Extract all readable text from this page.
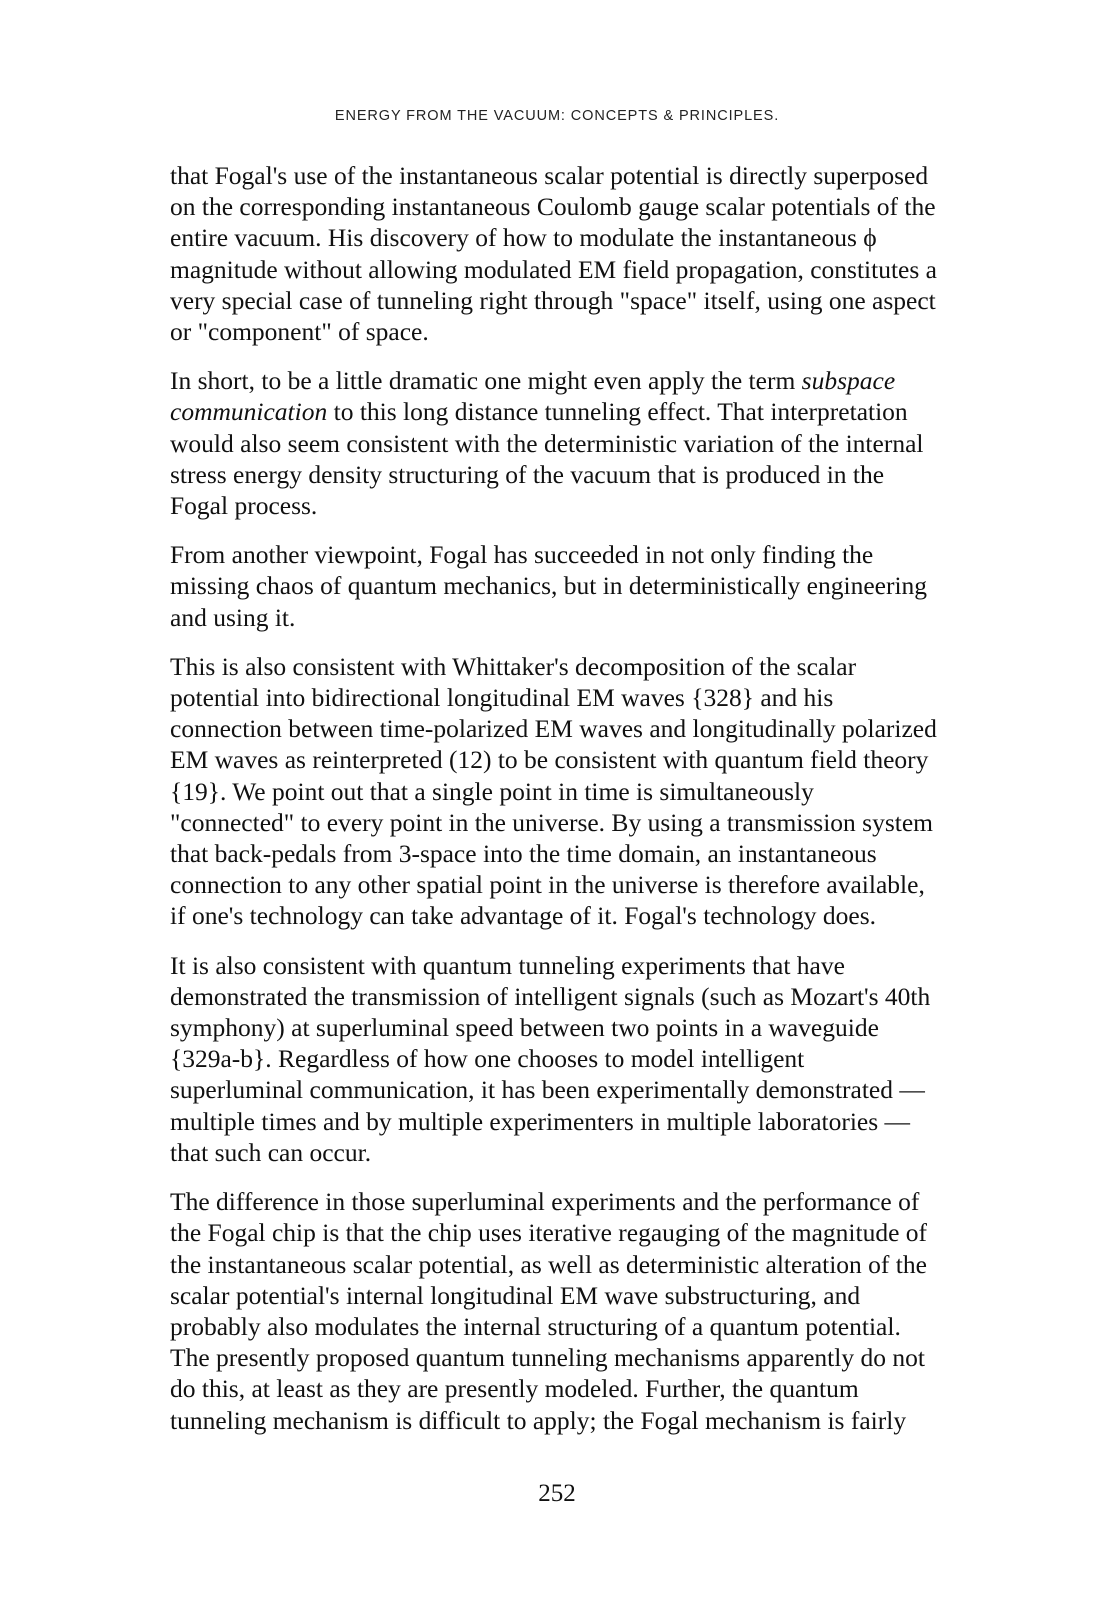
ENERGY FROM THE VACUUM: CONCEPTS & PRINCIPLES.

that Fogal's use of the instantaneous scalar potential is directly superposed
on the corresponding instantaneous Coulomb gauge scalar potentials of the
entire vacuum. His discovery of how to modulate the instantaneous ϕ
magnitude without allowing modulated EM field propagation, constitutes a
very special case of tunneling right through "space" itself, using one aspect
or "component" of space.

In short, to be a little dramatic one might even apply the term subspace
communication to this long distance tunneling effect. That interpretation
would also seem consistent with the deterministic variation of the internal
stress energy density structuring of the vacuum that is produced in the
Fogal process.

From another viewpoint, Fogal has succeeded in not only finding the
missing chaos of quantum mechanics, but in deterministically engineering
and using it.

This is also consistent with Whittaker's decomposition of the scalar
potential into bidirectional longitudinal EM waves {328} and his
connection between time-polarized EM waves and longitudinally polarized
EM waves as reinterpreted (12) to be consistent with quantum field theory
{19}. We point out that a single point in time is simultaneously
"connected" to every point in the universe. By using a transmission system
that back-pedals from 3-space into the time domain, an instantaneous
connection to any other spatial point in the universe is therefore available,
if one's technology can take advantage of it. Fogal's technology does.

It is also consistent with quantum tunneling experiments that have
demonstrated the transmission of intelligent signals (such as Mozart's 40th
symphony) at superluminal speed between two points in a waveguide
{329a-b}. Regardless of how one chooses to model intelligent
superluminal communication, it has been experimentally demonstrated —
multiple times and by multiple experimenters in multiple laboratories —
that such can occur.

The difference in those superluminal experiments and the performance of
the Fogal chip is that the chip uses iterative regauging of the magnitude of
the instantaneous scalar potential, as well as deterministic alteration of the
scalar potential's internal longitudinal EM wave substructuring, and
probably also modulates the internal structuring of a quantum potential.
The presently proposed quantum tunneling mechanisms apparently do not
do this, at least as they are presently modeled. Further, the quantum
tunneling mechanism is difficult to apply; the Fogal mechanism is fairly

252
